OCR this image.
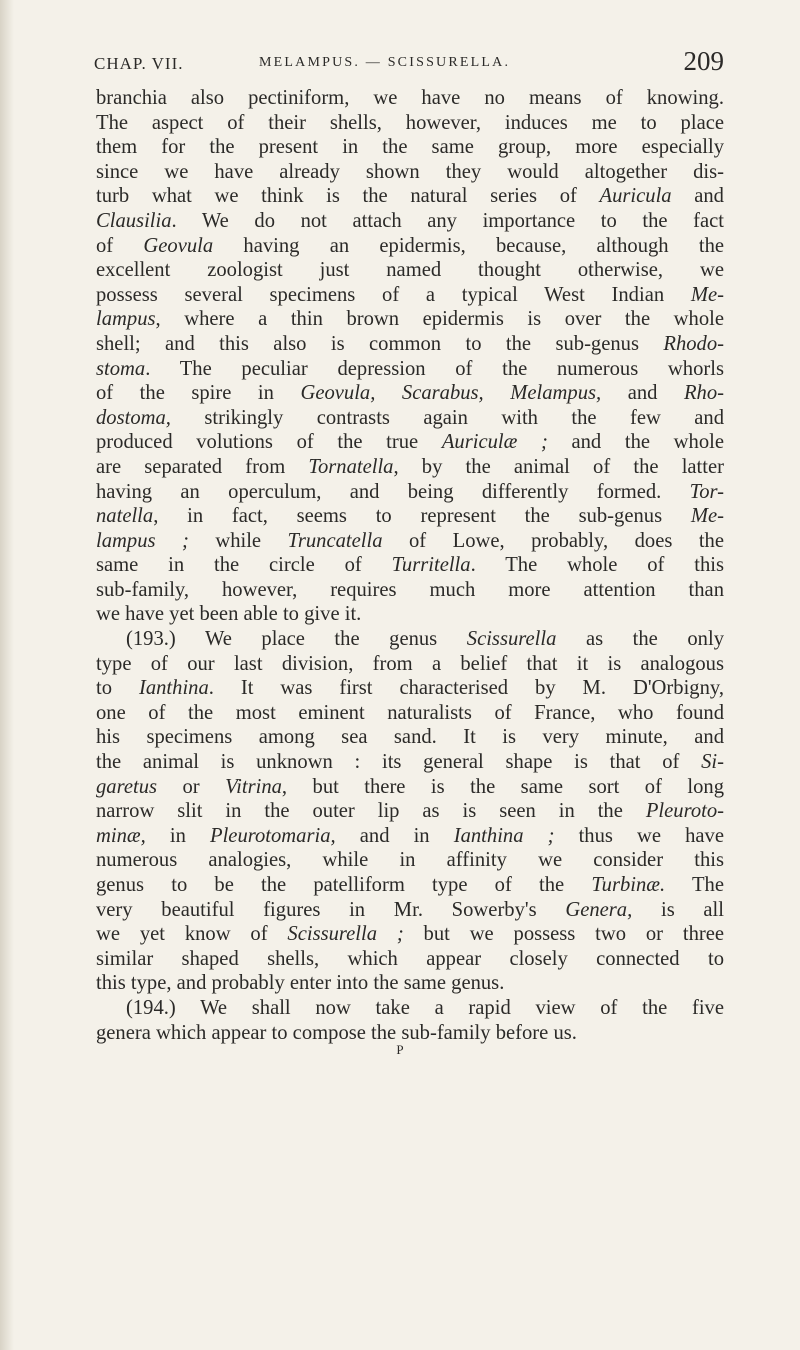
CHAP. VII.	MELAMPUS. — SCISSURELLA.	209
branchia also pectiniform, we have no means of knowing.
The aspect of their shells, however, induces me to place
them for the present in the same group, more especially
since we have already shown they would altogether dis-
turb what we think is the natural series of Auricula and
Clausilia. We do not attach any importance to the fact
of Geovula having an epidermis, because, although the
excellent zoologist just named thought otherwise, we
possess several specimens of a typical West Indian Me-
lampus, where a thin brown epidermis is over the whole
shell; and this also is common to the sub-genus Rhodo-
stoma. The peculiar depression of the numerous whorls
of the spire in Geovula, Scarabus, Melampus, and Rho-
dostoma, strikingly contrasts again with the few and
produced volutions of the true Auriculæ ; and the whole
are separated from Tornatella, by the animal of the latter
having an operculum, and being differently formed. Tor-
natella, in fact, seems to represent the sub-genus Me-
lampus ; while Truncatella of Lowe, probably, does the
same in the circle of Turritella. The whole of this
sub-family, however, requires much more attention than
we have yet been able to give it.
(193.) We place the genus Scissurella as the only
type of our last division, from a belief that it is analogous
to Ianthina. It was first characterised by M. D'Orbigny,
one of the most eminent naturalists of France, who found
his specimens among sea sand. It is very minute, and
the animal is unknown : its general shape is that of Si-
garetus or Vitrina, but there is the same sort of long
narrow slit in the outer lip as is seen in the Pleuroto-
minæ, in Pleurotomaria, and in Ianthina ; thus we have
numerous analogies, while in affinity we consider this
genus to be the patelliform type of the Turbinæ. The
very beautiful figures in Mr. Sowerby's Genera, is all
we yet know of Scissurella ; but we possess two or three
similar shaped shells, which appear closely connected to
this type, and probably enter into the same genus.
(194.) We shall now take a rapid view of the five
genera which appear to compose the sub-family before us.
P
